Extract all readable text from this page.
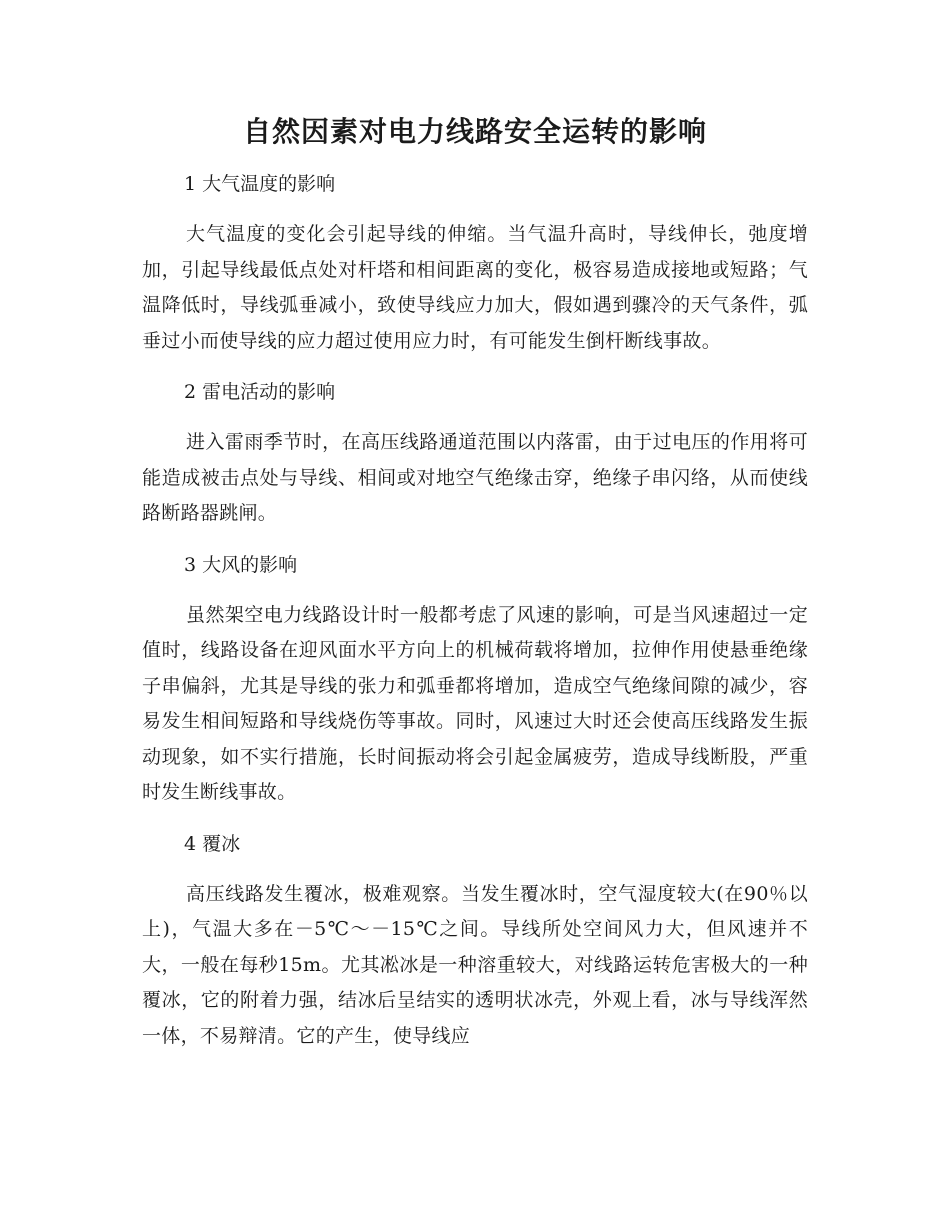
自然因素对电力线路安全运转的影响

1 大气温度的影响

大气温度的变化会引起导线的伸缩。当气温升高时，导线伸长，弛度增加，引起导线最低点处对杆塔和相间距离的变化，极容易造成接地或短路；气温降低时，导线弧垂减小，致使导线应力加大，假如遇到骤冷的天气条件，弧垂过小而使导线的应力超过使用应力时，有可能发生倒杆断线事故。

2 雷电活动的影响

进入雷雨季节时，在高压线路通道范围以内落雷，由于过电压的作用将可能造成被击点处与导线、相间或对地空气绝缘击穿，绝缘子串闪络，从而使线路断路器跳闸。

3 大风的影响

虽然架空电力线路设计时一般都考虑了风速的影响，可是当风速超过一定值时，线路设备在迎风面水平方向上的机械荷载将增加，拉伸作用使悬垂绝缘子串偏斜，尤其是导线的张力和弧垂都将增加，造成空气绝缘间隙的减少，容易发生相间短路和导线烧伤等事故。同时，风速过大时还会使高压线路发生振动现象，如不实行措施，长时间振动将会引起金属疲劳，造成导线断股，严重时发生断线事故。

4 覆冰

高压线路发生覆冰，极难观察。当发生覆冰时，空气湿度较大(在90％以上)，气温大多在－5℃～－15℃之间。导线所处空间风力大，但风速并不大，一般在每秒15m。尤其凇冰是一种溶重较大，对线路运转危害极大的一种覆冰，它的附着力强，结冰后呈结实的透明状冰壳，外观上看，冰与导线浑然一体，不易辩清。它的产生，使导线应
